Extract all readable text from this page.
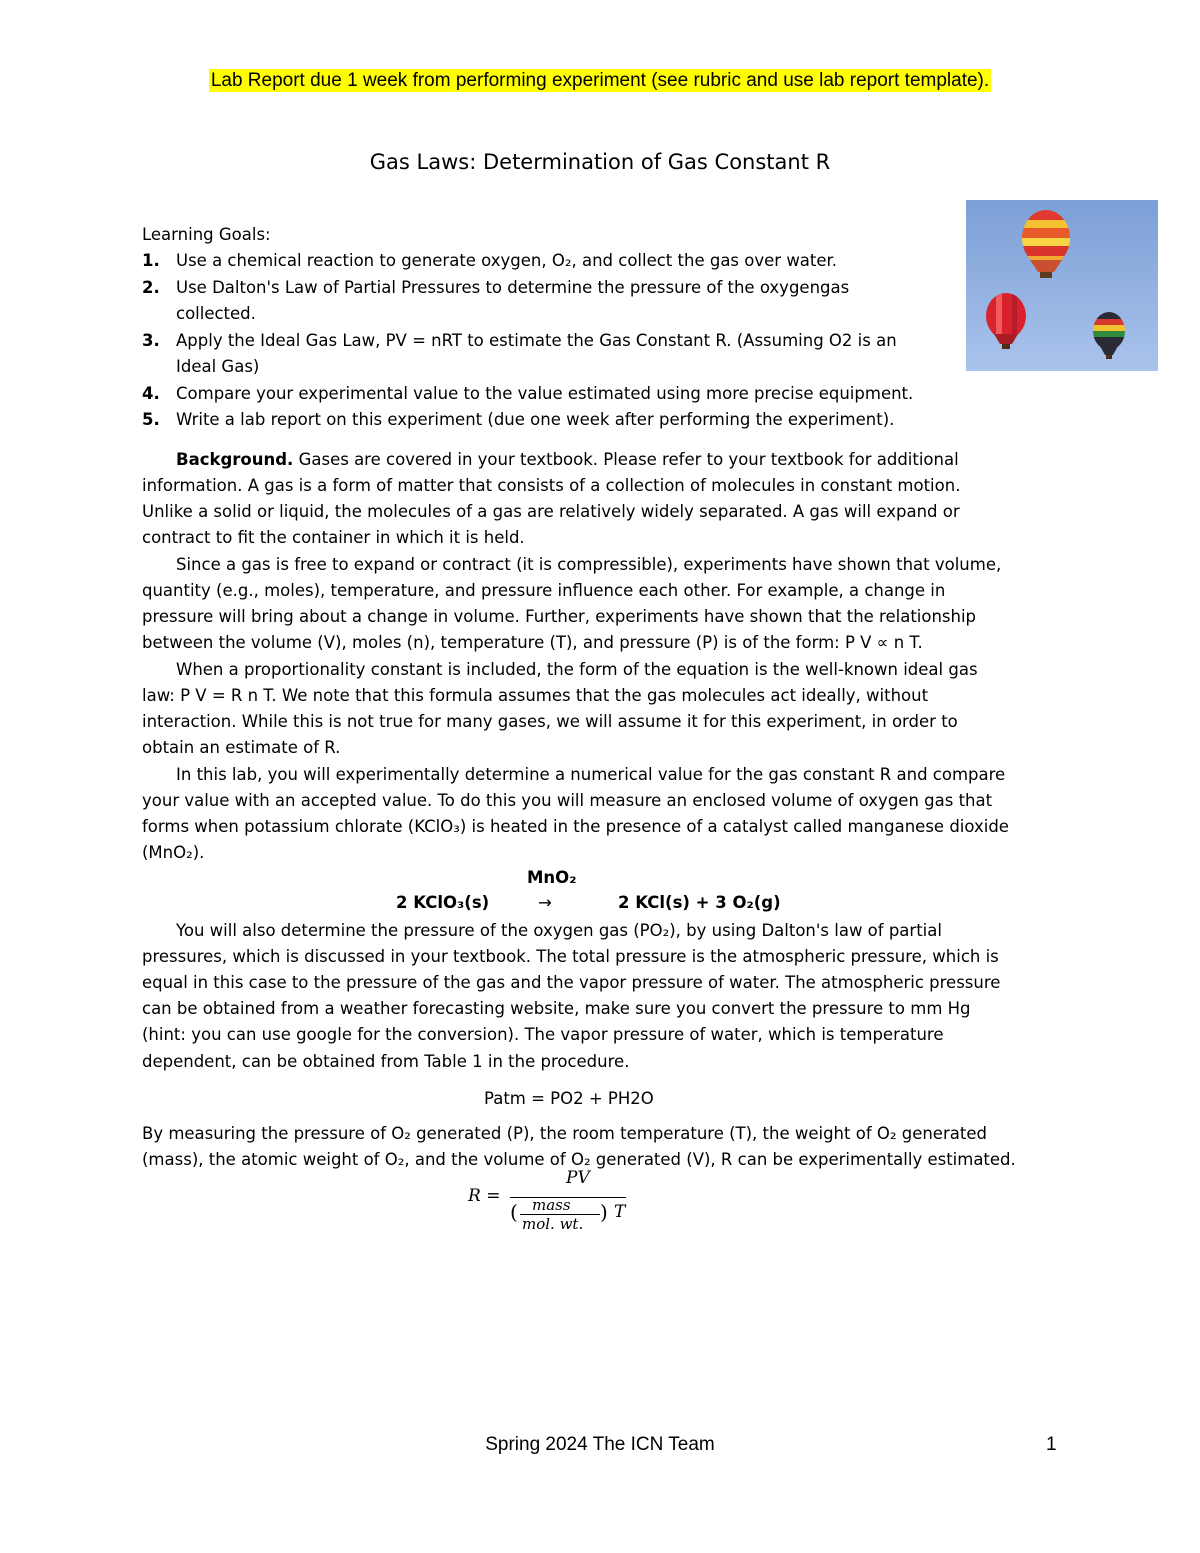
Lab Report due 1 week from performing experiment (see rubric and use lab report template).
Gas Laws: Determination of Gas Constant R
Learning Goals:
1. Use a chemical reaction to generate oxygen, O₂, and collect the gas over water.
2. Use Dalton's Law of Partial Pressures to determine the pressure of the oxygengas
collected.
3. Apply the Ideal Gas Law, PV = nRT to estimate the Gas Constant R. (Assuming O2 is an
Ideal Gas)
4. Compare your experimental value to the value estimated using more precise equipment.
5. Write a lab report on this experiment (due one week after performing the experiment).

Background. Gases are covered in your textbook. Please refer to your textbook for additional

information. A gas is a form of matter that consists of a collection of molecules in constant motion.
Unlike a solid or liquid, the molecules of a gas are relatively widely separated. A gas will expand or
contract to fit the container in which it is held.
Since a gas is free to expand or contract (it is compressible), experiments have shown that volume,
quantity (e.g., moles), temperature, and pressure influence each other. For example, a change in
pressure will bring about a change in volume. Further, experiments have shown that the relationship
between the volume (V), moles (n), temperature (T), and pressure (P) is of the form: P V ∝ n T.
When a proportionality constant is included, the form of the equation is the well-known ideal gas
law: P V = R n T. We note that this formula assumes that the gas molecules act ideally, without
interaction. While this is not true for many gases, we will assume it for this experiment, in order to
obtain an estimate of R.
In this lab, you will experimentally determine a numerical value for the gas constant R and compare
your value with an accepted value. To do this you will measure an enclosed volume of oxygen gas that
forms when potassium chlorate (KClO₃) is heated in the presence of a catalyst called manganese dioxide
(MnO₂).
MnO₂
2 KClO₃(s)	→	2 KCl(s) + 3 O₂(g)
You will also determine the pressure of the oxygen gas (PO₂), by using Dalton's law of partial
pressures, which is discussed in your textbook. The total pressure is the atmospheric pressure, which is
equal in this case to the pressure of the gas and the vapor pressure of water. The atmospheric pressure
can be obtained from a weather forecasting website, make sure you convert the pressure to mm Hg
(hint: you can use google for the conversion). The vapor pressure of water, which is temperature
dependent, can be obtained from Table 1 in the procedure.
Patm = PO2 + PH2O
By measuring the pressure of O₂ generated (P), the room temperature (T), the weight of O₂ generated
(mass), the atomic weight of O₂, and the volume of O₂ generated (V), R can be experimentally estimated.
R =
PV
( mass
mol. wt. ) T
Spring 2024 The ICN Team	1
